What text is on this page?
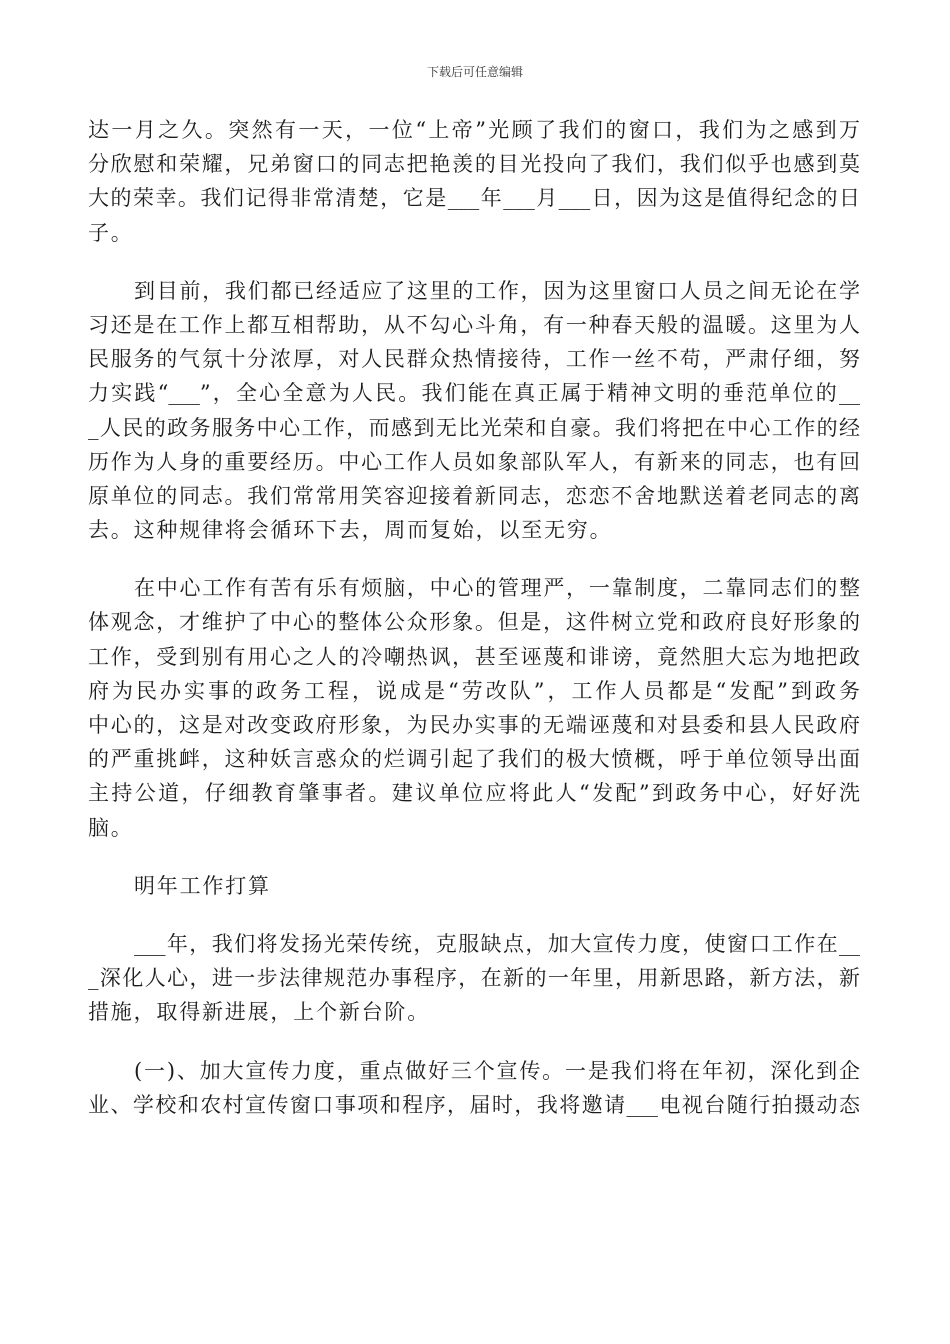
下载后可任意编辑
达一月之久。突然有一天，一位“上帝”光顾了我们的窗口，我们为之感到万
分欣慰和荣耀，兄弟窗口的同志把艳羡的目光投向了我们，我们似乎也感到莫
大的荣幸。我们记得非常清楚，它是___年___月___日，因为这是值得纪念的日
子。
到目前，我们都已经适应了这里的工作，因为这里窗口人员之间无论在学
习还是在工作上都互相帮助，从不勾心斗角，有一种春天般的温暖。这里为人
民服务的气氛十分浓厚，对人民群众热情接待，工作一丝不苟，严肃仔细，努
力实践“___”，全心全意为人民。我们能在真正属于精神文明的垂范单位的__
_人民的政务服务中心工作，而感到无比光荣和自豪。我们将把在中心工作的经
历作为人身的重要经历。中心工作人员如象部队军人，有新来的同志，也有回
原单位的同志。我们常常用笑容迎接着新同志，恋恋不舍地默送着老同志的离
去。这种规律将会循环下去，周而复始，以至无穷。
在中心工作有苦有乐有烦脑，中心的管理严，一靠制度，二靠同志们的整
体观念，才维护了中心的整体公众形象。但是，这件树立党和政府良好形象的
工作，受到别有用心之人的冷嘲热讽，甚至诬蔑和诽谤，竟然胆大忘为地把政
府为民办实事的政务工程，说成是“劳改队”，工作人员都是“发配”到政务
中心的，这是对改变政府形象，为民办实事的无端诬蔑和对县委和县人民政府
的严重挑衅，这种妖言惑众的烂调引起了我们的极大愤概，呼于单位领导出面
主持公道，仔细教育肇事者。建议单位应将此人“发配”到政务中心，好好洗
脑。
明年工作打算
___年，我们将发扬光荣传统，克服缺点，加大宣传力度，使窗口工作在__
_深化人心，进一步法律规范办事程序，在新的一年里，用新思路，新方法，新
措施，取得新进展，上个新台阶。
(一)、加大宣传力度，重点做好三个宣传。一是我们将在年初，深化到企
业、学校和农村宣传窗口事项和程序，届时，我将邀请___电视台随行拍摄动态
